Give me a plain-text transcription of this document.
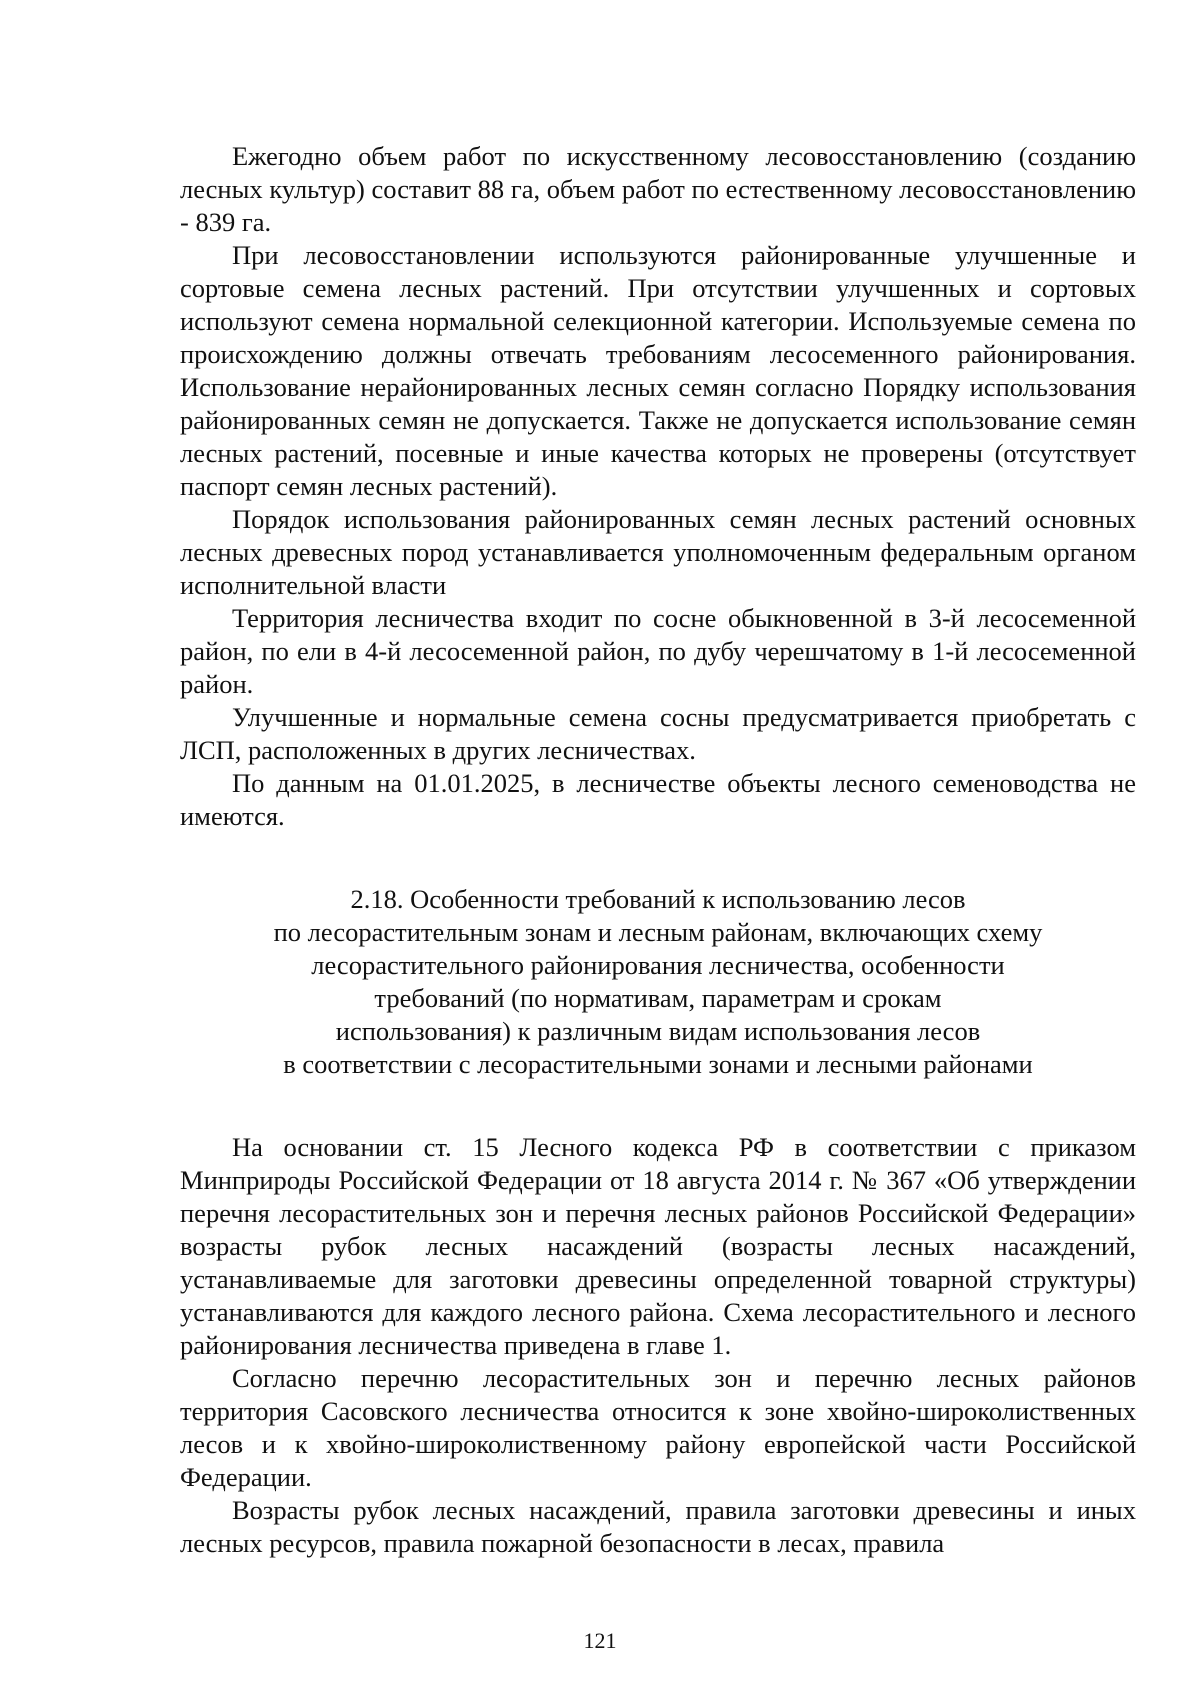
Ежегодно объем работ по искусственному лесовосстановлению (созданию лесных культур) составит 88 га, объем работ по естественному лесовосстановлению - 839 га.

При лесовосстановлении используются районированные улучшенные и сортовые семена лесных растений. При отсутствии улучшенных и сортовых используют семена нормальной селекционной категории. Используемые семена по происхождению должны отвечать требованиям лесосеменного районирования. Использование нерайонированных лесных семян согласно Порядку использования районированных семян не допускается. Также не допускается использование семян лесных растений, посевные и иные качества которых не проверены (отсутствует паспорт семян лесных растений).

Порядок использования районированных семян лесных растений основных лесных древесных пород устанавливается уполномоченным федеральным органом исполнительной власти

Территория лесничества входит по сосне обыкновенной в 3-й лесосеменной район, по ели в 4-й лесосеменной район, по дубу черешчатому в 1-й лесосеменной район.

Улучшенные и нормальные семена сосны предусматривается приобретать с ЛСП, расположенных в других лесничествах.

По данным на 01.01.2025, в лесничестве объекты лесного семеноводства не имеются.

2.18. Особенности требований к использованию лесов
по лесорастительным зонам и лесным районам, включающих схему
лесорастительного районирования лесничества, особенности
требований (по нормативам, параметрам и срокам
использования) к различным видам использования лесов
в соответствии с лесорастительными зонами и лесными районами

На основании ст. 15 Лесного кодекса РФ в соответствии с приказом Минприроды Российской Федерации от 18 августа 2014 г. № 367 «Об утверждении перечня лесорастительных зон и перечня лесных районов Российской Федерации» возрасты рубок лесных насаждений (возрасты лесных насаждений, устанавливаемые для заготовки древесины определенной товарной структуры) устанавливаются для каждого лесного района. Схема лесорастительного и лесного районирования лесничества приведена в главе 1.

Согласно перечню лесорастительных зон и перечню лесных районов территория Сасовского лесничества относится к зоне хвойно-широколиственных лесов и к хвойно-широколиственному району европейской части Российской Федерации.

Возрасты рубок лесных насаждений, правила заготовки древесины и иных лесных ресурсов, правила пожарной безопасности в лесах, правила

121
